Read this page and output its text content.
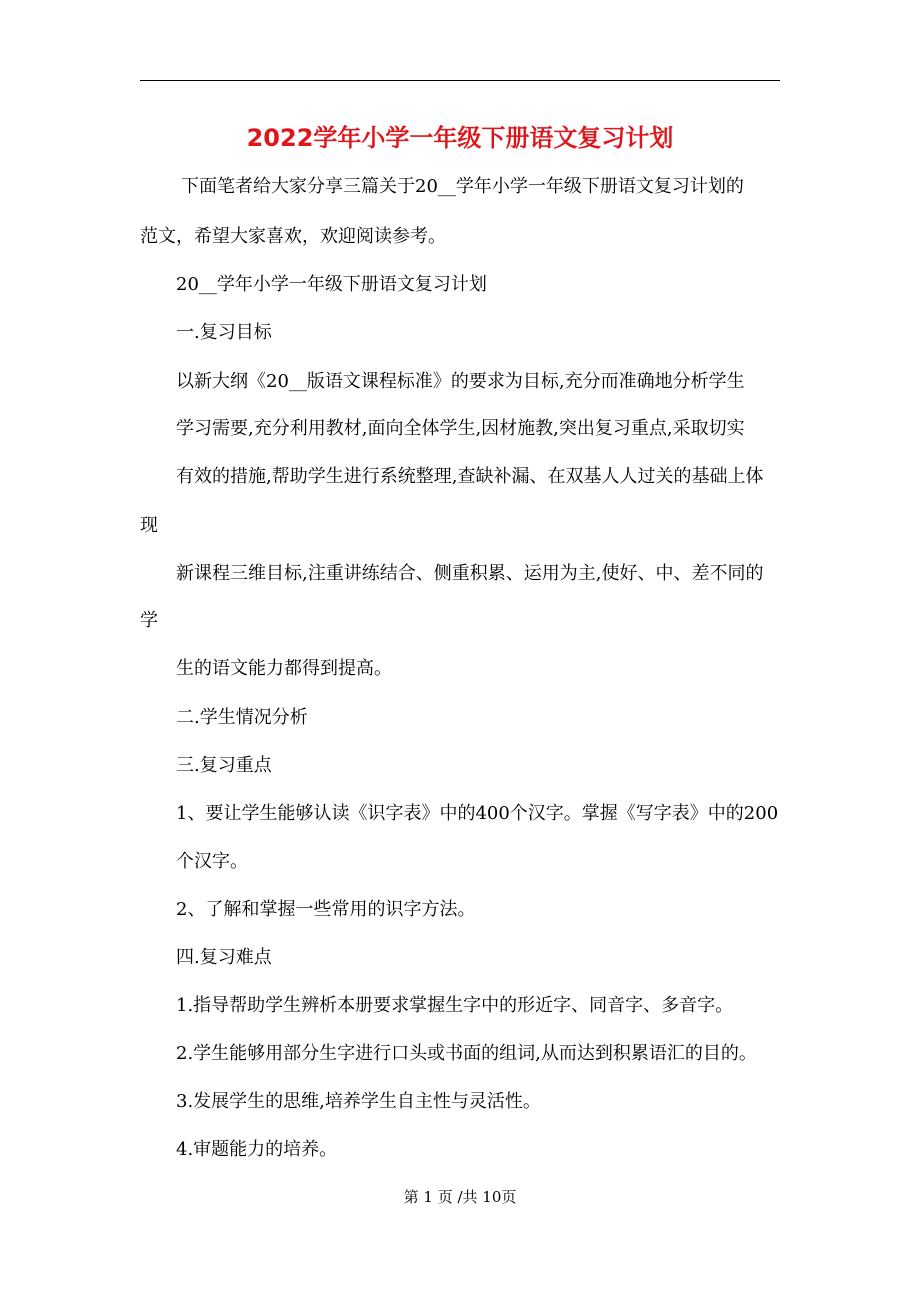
2022学年小学一年级下册语文复习计划
下面笔者给大家分享三篇关于20__学年小学一年级下册语文复习计划的
范文，希望大家喜欢，欢迎阅读参考。
20__学年小学一年级下册语文复习计划
一.复习目标
以新大纲《20__版语文课程标准》的要求为目标,充分而准确地分析学生
学习需要,充分利用教材,面向全体学生,因材施教,突出复习重点,采取切实
有效的措施,帮助学生进行系统整理,查缺补漏、在双基人人过关的基础上体
现
新课程三维目标,注重讲练结合、侧重积累、运用为主,使好、中、差不同的
学
生的语文能力都得到提高。
二.学生情况分析
三.复习重点
1、要让学生能够认读《识字表》中的400个汉字。掌握《写字表》中的200
个汉字。
2、了解和掌握一些常用的识字方法。
四.复习难点
1.指导帮助学生辨析本册要求掌握生字中的形近字、同音字、多音字。
2.学生能够用部分生字进行口头或书面的组词,从而达到积累语汇的目的。
3.发展学生的思维,培养学生自主性与灵活性。
4.审题能力的培养。
第 1 页 /共 10页
